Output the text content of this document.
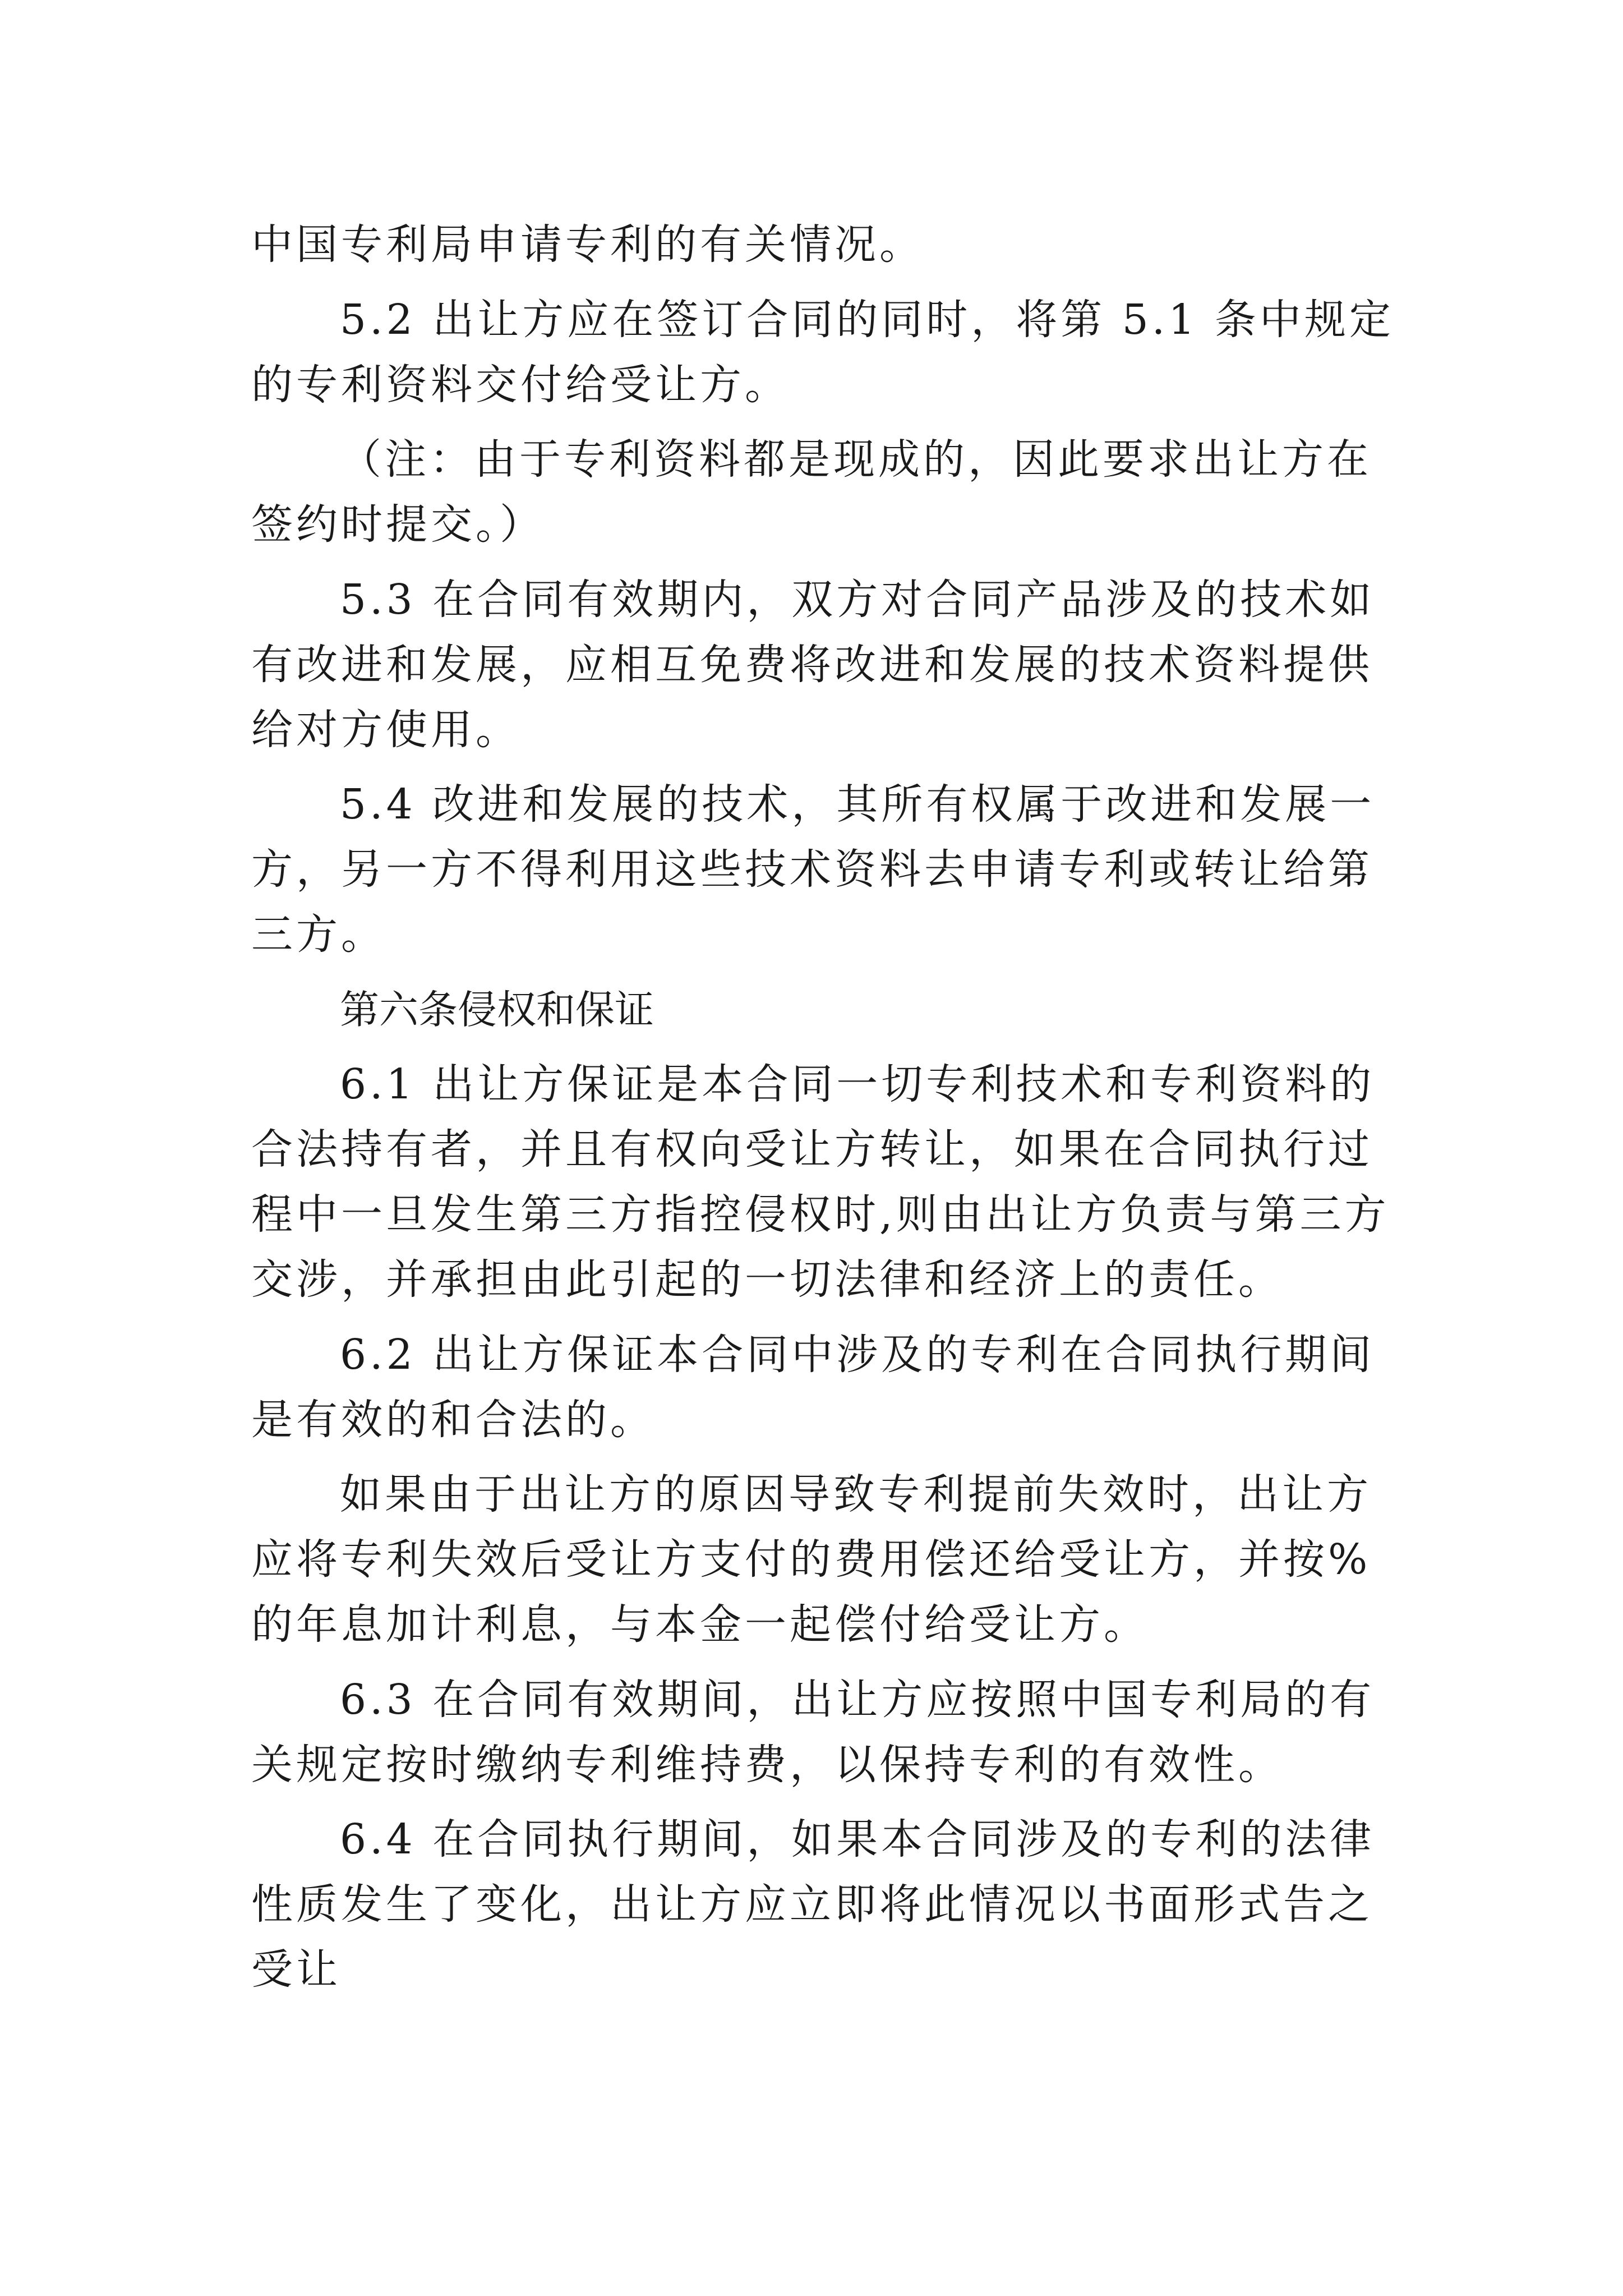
中国专利局申请专利的有关情况。

5.2 出让方应在签订合同的同时，将第 5.1 条中规定的专利资料交付给受让方。

（注：由于专利资料都是现成的，因此要求出让方在签约时提交。）

5.3 在合同有效期内，双方对合同产品涉及的技术如有改进和发展，应相互免费将改进和发展的技术资料提供给对方使用。

5.4 改进和发展的技术，其所有权属于改进和发展一方，另一方不得利用这些技术资料去申请专利或转让给第三方。

第六条侵权和保证

6.1 出让方保证是本合同一切专利技术和专利资料的合法持有者，并且有权向受让方转让，如果在合同执行过程中一旦发生第三方指控侵权时,则由出让方负责与第三方交涉，并承担由此引起的一切法律和经济上的责任。

6.2 出让方保证本合同中涉及的专利在合同执行期间是有效的和合法的。

如果由于出让方的原因导致专利提前失效时，出让方应将专利失效后受让方支付的费用偿还给受让方，并按%的年息加计利息，与本金一起偿付给受让方。

6.3 在合同有效期间，出让方应按照中国专利局的有关规定按时缴纳专利维持费，以保持专利的有效性。

6.4 在合同执行期间，如果本合同涉及的专利的法律性质发生了变化，出让方应立即将此情况以书面形式告之受让
